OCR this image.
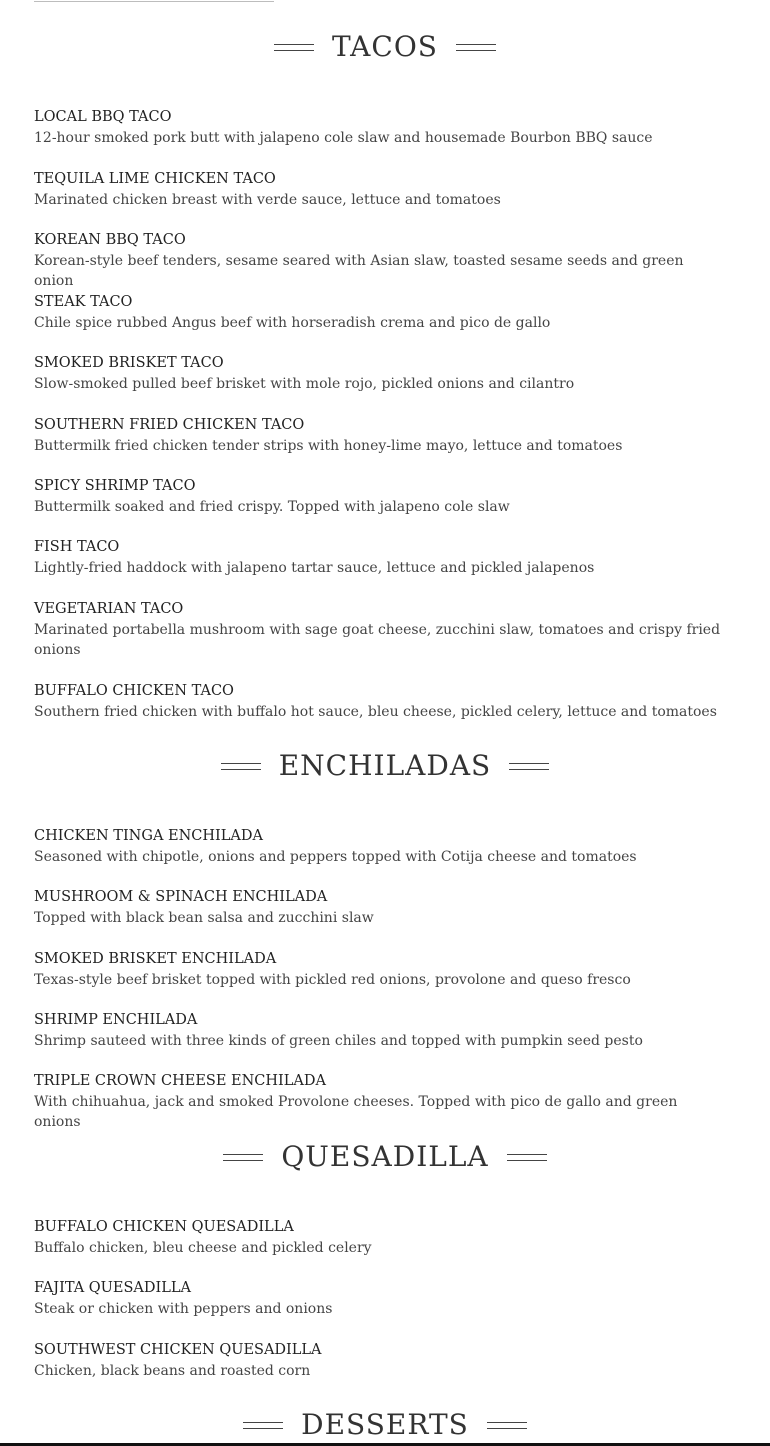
TACOS
LOCAL BBQ TACO
12-hour smoked pork butt with jalapeno cole slaw and housemade Bourbon BBQ sauce
TEQUILA LIME CHICKEN TACO
Marinated chicken breast with verde sauce, lettuce and tomatoes
KOREAN BBQ TACO
Korean-style beef tenders, sesame seared with Asian slaw, toasted sesame seeds and green onion
STEAK TACO
Chile spice rubbed Angus beef with horseradish crema and pico de gallo
SMOKED BRISKET TACO
Slow-smoked pulled beef brisket with mole rojo, pickled onions and cilantro
SOUTHERN FRIED CHICKEN TACO
Buttermilk fried chicken tender strips with honey-lime mayo, lettuce and tomatoes
SPICY SHRIMP TACO
Buttermilk soaked and fried crispy. Topped with jalapeno cole slaw
FISH TACO
Lightly-fried haddock with jalapeno tartar sauce, lettuce and pickled jalapenos
VEGETARIAN TACO
Marinated portabella mushroom with sage goat cheese, zucchini slaw, tomatoes and crispy fried onions
BUFFALO CHICKEN TACO
Southern fried chicken with buffalo hot sauce, bleu cheese, pickled celery, lettuce and tomatoes
ENCHILADAS
CHICKEN TINGA ENCHILADA
Seasoned with chipotle, onions and peppers topped with Cotija cheese and tomatoes
MUSHROOM & SPINACH ENCHILADA
Topped with black bean salsa and zucchini slaw
SMOKED BRISKET ENCHILADA
Texas-style beef brisket topped with pickled red onions, provolone and queso fresco
SHRIMP ENCHILADA
Shrimp sauteed with three kinds of green chiles and topped with pumpkin seed pesto
TRIPLE CROWN CHEESE ENCHILADA
With chihuahua, jack and smoked Provolone cheeses. Topped with pico de gallo and green onions
QUESADILLA
BUFFALO CHICKEN QUESADILLA
Buffalo chicken, bleu cheese and pickled celery
FAJITA QUESADILLA
Steak or chicken with peppers and onions
SOUTHWEST CHICKEN QUESADILLA
Chicken, black beans and roasted corn
DESSERTS
